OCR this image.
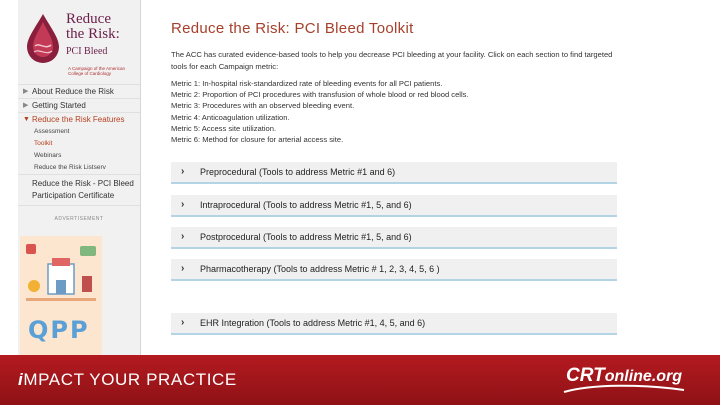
Reduce
the Risk:
PCI Bleed
A Campaign of the American College of Cardiology
▶ About Reduce the Risk
▶ Getting Started
▼ Reduce the Risk Features
Assessment
Toolkit
Webinars
Reduce the Risk Listserv
Reduce the Risk - PCI Bleed Participation Certificate
ADVERTISEMENT
QPP
Reduce the Risk: PCI Bleed Toolkit

The ACC has curated evidence-based tools to help you decrease PCI bleeding at your facility. Click on each section to find targeted tools for each Campaign metric:

Metric 1: In-hospital risk-standardized rate of bleeding events for all PCI patients.
Metric 2: Proportion of PCI procedures with transfusion of whole blood or red blood cells.
Metric 3: Procedures with an observed bleeding event.
Metric 4: Anticoagulation utilization.
Metric 5: Access site utilization.
Metric 6: Method for closure for arterial access site.
› Preprocedural (Tools to address Metric #1 and 6)
› Intraprocedural (Tools to address Metric #1, 5, and 6)
› Postprocedural (Tools to address Metric #1, 5, and 6)
› Pharmacotherapy (Tools to address Metric # 1, 2, 3, 4, 5, 6 )
› EHR Integration (Tools to address Metric #1, 4, 5, and 6)
iMPACT YOUR PRACTICE	CRTonline.org
